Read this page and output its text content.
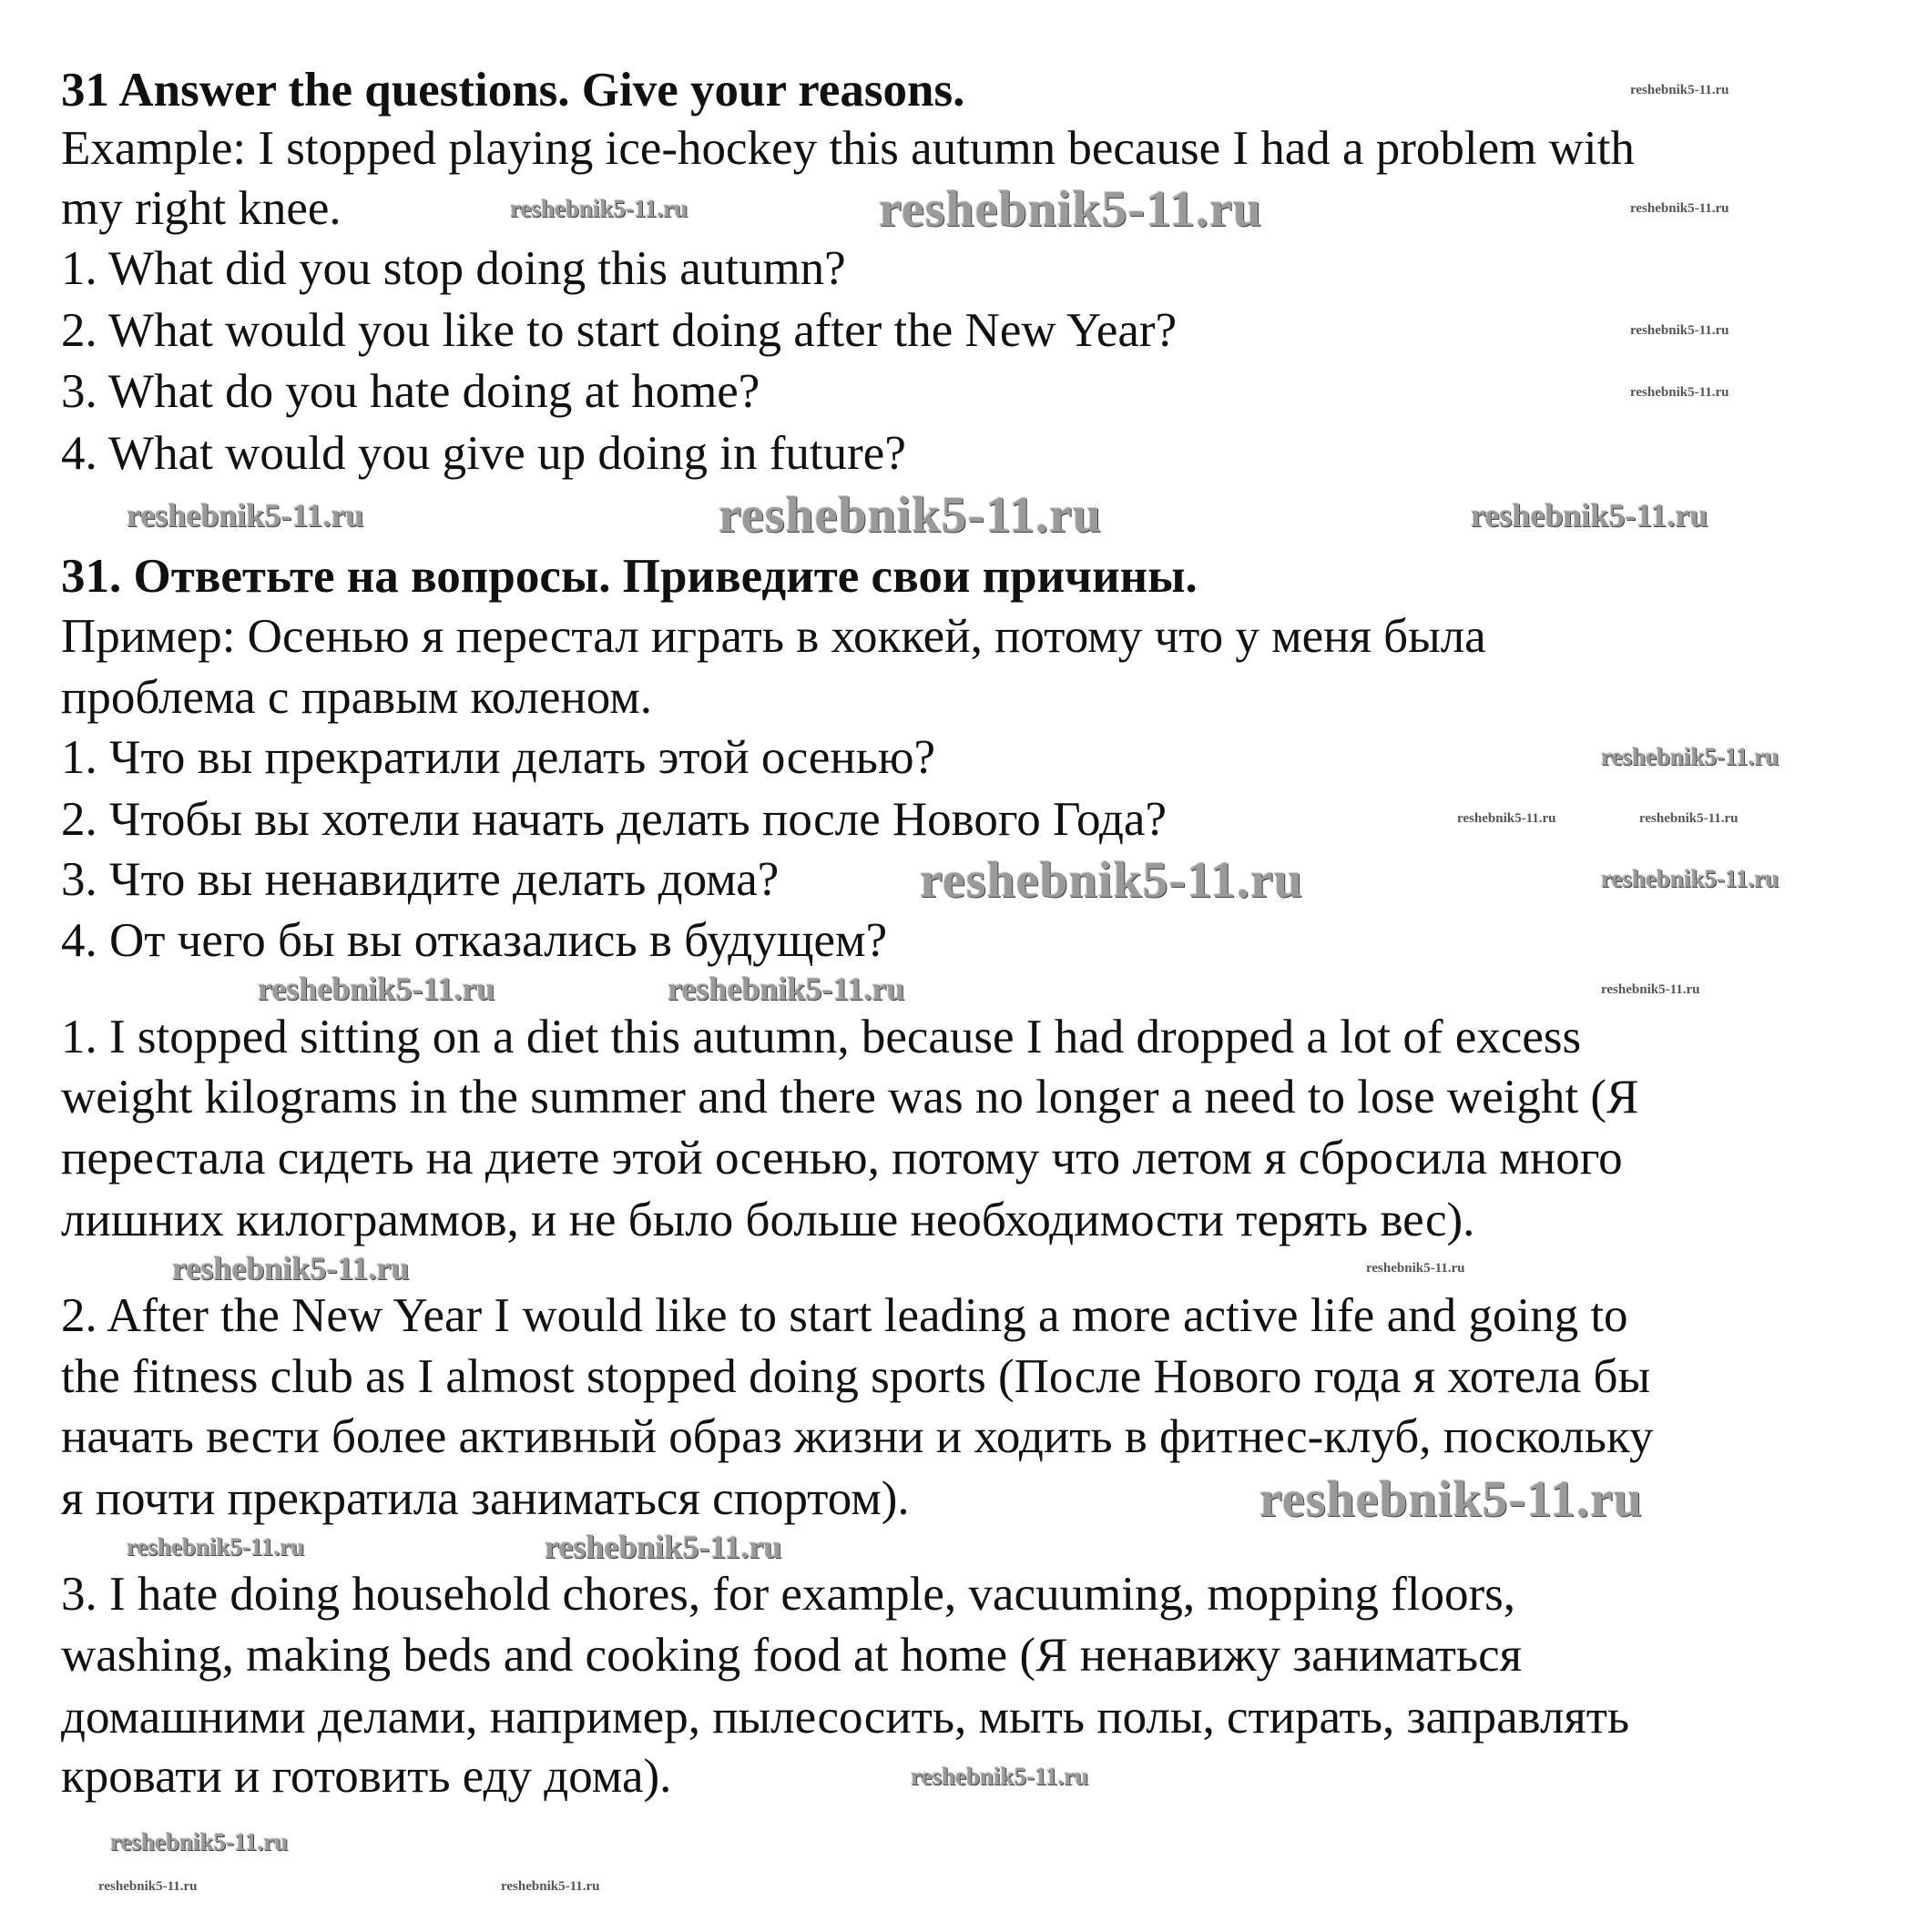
31 Answer the questions. Give your reasons.
Example: I stopped playing ice-hockey this autumn because I had a problem with
my right knee.
1. What did you stop doing this autumn?
2. What would you like to start doing after the New Year?
3. What do you hate doing at home?
4. What would you give up doing in future?
31. Ответьте на вопросы. Приведите свои причины.
Пример: Осенью я перестал играть в хоккей, потому что у меня была
проблема с правым коленом.
1. Что вы прекратили делать этой осенью?
2. Чтобы вы хотели начать делать после Нового Года?
3. Что вы ненавидите делать дома?
4. От чего бы вы отказались в будущем?
1. I stopped sitting on a diet this autumn, because I had dropped a lot of excess
weight kilograms in the summer and there was no longer a need to lose weight (Я
перестала сидеть на диете этой осенью, потому что летом я сбросила много
лишних килограммов, и не было больше необходимости терять вес).
2. After the New Year I would like to start leading a more active life and going to
the fitness club as I almost stopped doing sports (После Нового года я хотела бы
начать вести более активный образ жизни и ходить в фитнес-клуб, поскольку
я почти прекратила заниматься спортом).
3. I hate doing household chores, for example, vacuuming, mopping floors,
washing, making beds and cooking food at home (Я ненавижу заниматься
домашними делами, например, пылесосить, мыть полы, стирать, заправлять
кровати и готовить еду дома).
reshebnik5-11.ru
reshebnik5-11.ru
reshebnik5-11.ru
reshebnik5-11.ru
reshebnik5-11.ru	reshebnik5-11.ru
reshebnik5-11.ru
reshebnik5-11.ru
reshebnik5-11.ru
reshebnik5-11.ru
reshebnik5-11.ru
reshebnik5-11.ru
reshebnik5-11.ru
reshebnik5-11.ru
reshebnik5-11.ru
reshebnik5-11.ru
reshebnik5-11.ru
reshebnik5-11.ru
reshebnik5-11.ru
reshebnik5-11.ru
reshebnik5-11.ru
reshebnik5-11.ru	reshebnik5-11.ru
reshebnik5-11.ru
reshebnik5-11.ru
reshebnik5-11.ru
